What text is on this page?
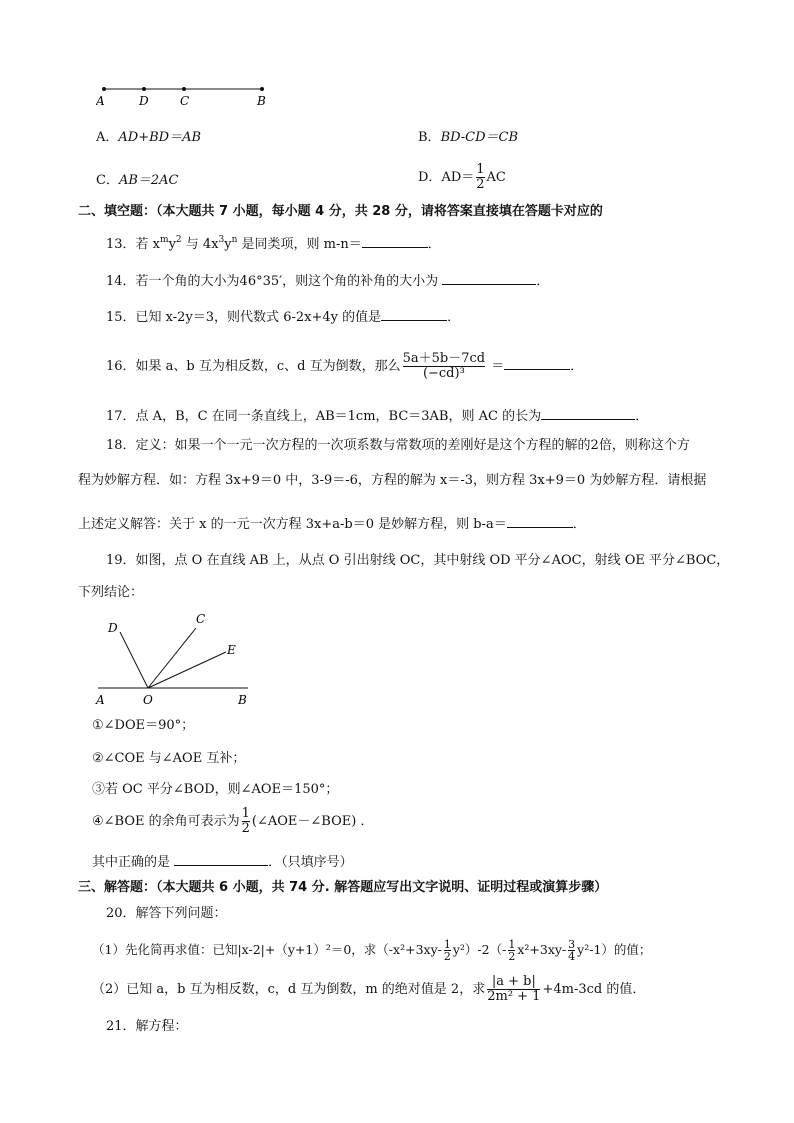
A	D	C	B
A．AD+BD＝AB	B．BD-CD＝CB
C．AB＝2AC	D．$AD= \frac{1}{2}$ AC
二、填空题：（本大题共 7 小题，每小题 4 分，共 28 分，请将答案直接填在答题卡对应的
13．若 $x^my^2$ 与 $4x^3y^n$ 是同类项，则 m-n＝	．
14．若一个角的大小为46°35′，则这个角的补角的大小为	．
15．已知 x-2y＝3，则代数式 6-2x+4y 的值是	．
16．如果 a、b 互为相反数，c、d 互为倒数，那么 $\frac{5a+5b-7cd}{\text{(−cd)³}}$ ＝	．
17．点 A，B，C 在同一条直线上，AB＝1cm，BC＝3AB，则 AC 的长为	．
18．定义：如果一个一元一次方程的一次项系数与常数项的差刚好是这个方程的解的2倍，则称这个方
程为妙解方程．如：方程 3x+9＝0 中，3-9＝-6，方程的解为 x＝-3，则方程 3x+9＝0 为妙解方程．请根据
上述定义解答：关于 x 的一元一次方程 3x+a-b＝0 是妙解方程，则 b-a＝	．
19．如图，点 O 在直线 AB 上，从点 O 引出射线 OC，其中射线 OD 平分∠AOC，射线 OE 平分∠BOC，
下列结论：
D
C
E
A	O	B
①∠DOE＝90°；
②∠COE 与∠AOE 互补；
③若 OC 平分∠BOD，则∠AOE＝150°；
④∠BOE 的余角可表示为 $\frac{1}{2}$ (∠AOE－∠BOE) ．
其中正确的是	．（只填序号）
三、解答题：（本大题共 6 小题，共 74 分. 解答题应写出文字说明、证明过程或演算步骤）
20．解答下列问题：
（1）先化简再求值：已知|x-2|+（y+1）²＝0，求$(-x^2+3xy- \frac{1}{2} y^2)-2(- \frac{1}{2} x^2+3xy- \frac{3}{4} y^2-1)$的值；
（2）已知 a，b 互为相反数，c，d 互为倒数，m 的绝对值是 2，求 $\frac{|a + b|}{\text{2m² + 1}} +4m-3cd$ 的值．
21．解方程：
